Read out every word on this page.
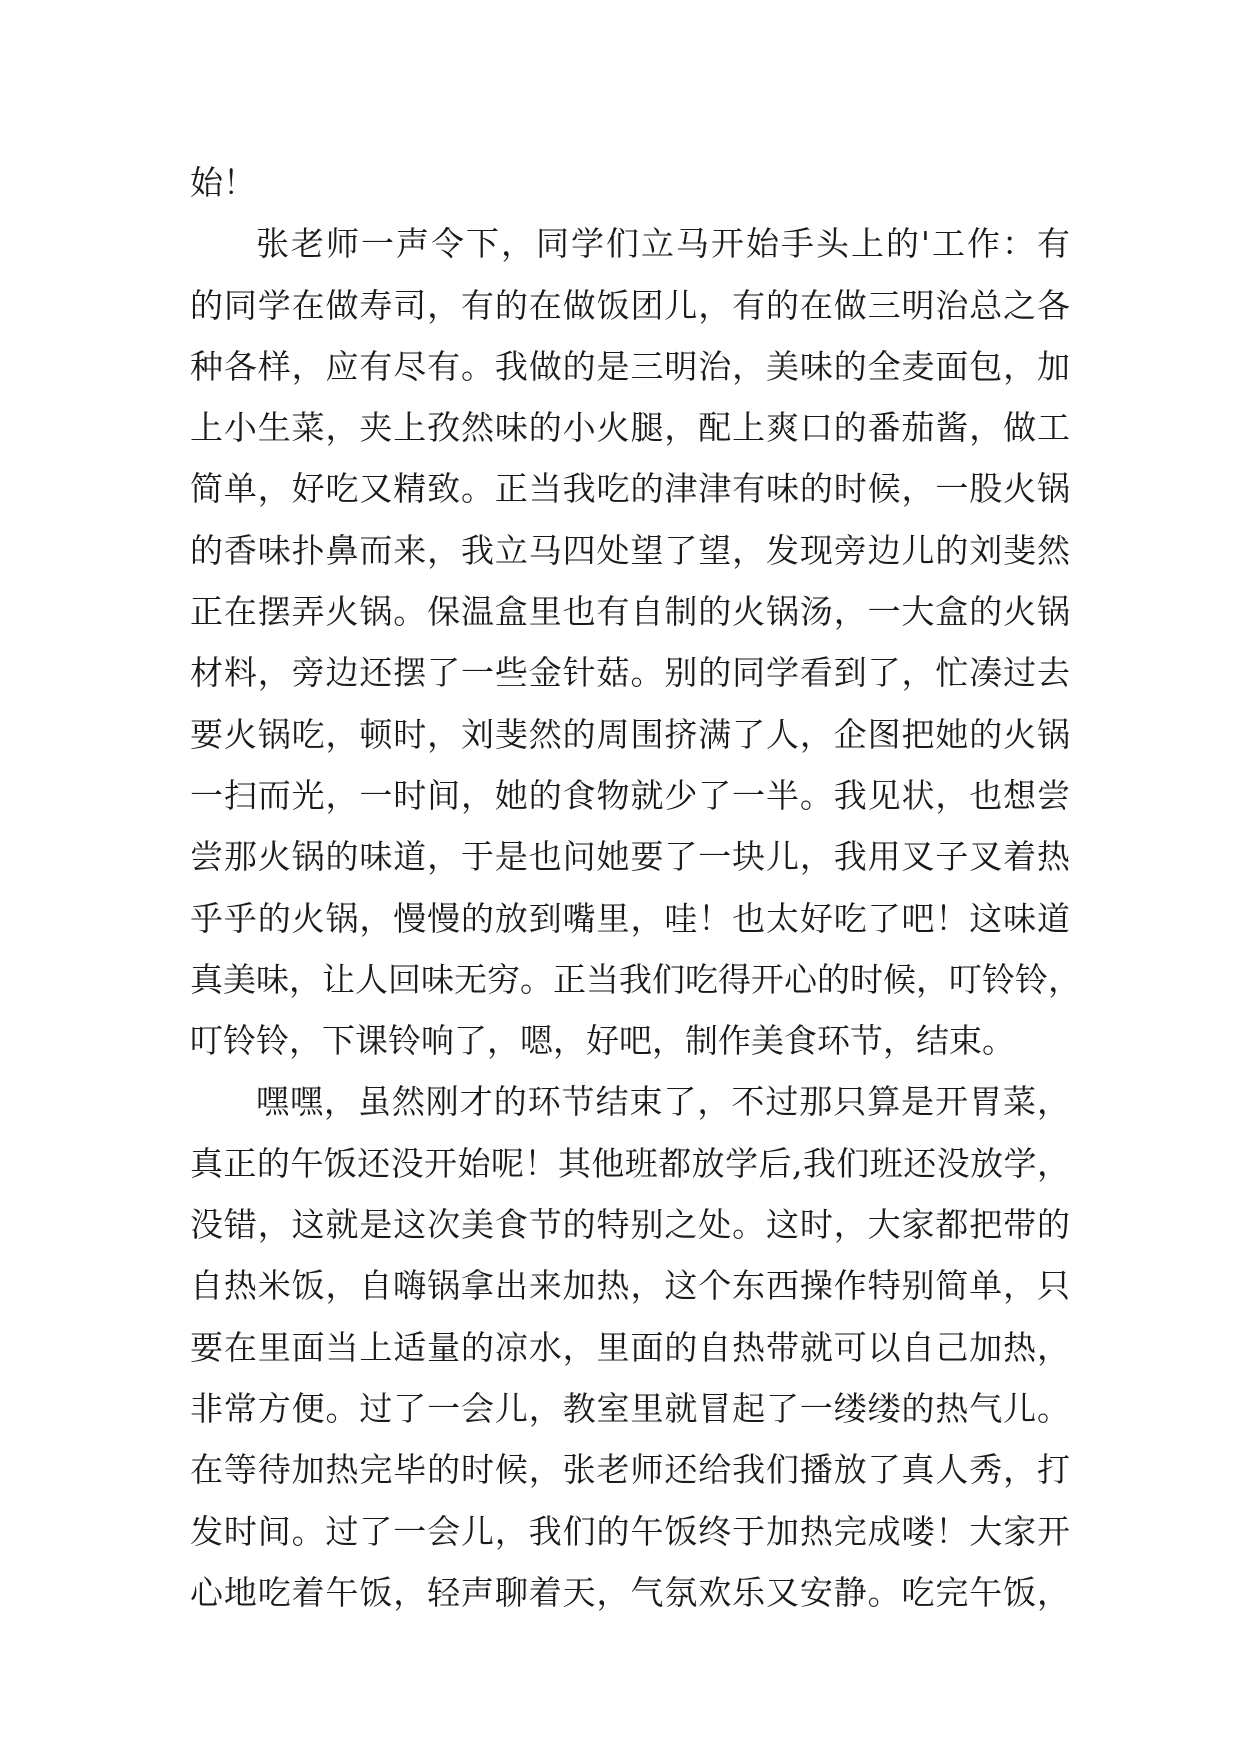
始！
张老师一声令下，同学们立马开始手头上的'工作：有
的同学在做寿司，有的在做饭团儿，有的在做三明治总之各
种各样，应有尽有。我做的是三明治，美味的全麦面包，加
上小生菜，夹上孜然味的小火腿，配上爽口的番茄酱，做工
简单，好吃又精致。正当我吃的津津有味的时候，一股火锅
的香味扑鼻而来，我立马四处望了望，发现旁边儿的刘斐然
正在摆弄火锅。保温盒里也有自制的火锅汤，一大盒的火锅
材料，旁边还摆了一些金针菇。别的同学看到了，忙凑过去
要火锅吃，顿时，刘斐然的周围挤满了人，企图把她的火锅
一扫而光，一时间，她的食物就少了一半。我见状，也想尝
尝那火锅的味道，于是也问她要了一块儿，我用叉子叉着热
乎乎的火锅，慢慢的放到嘴里，哇！也太好吃了吧！这味道
真美味，让人回味无穷。正当我们吃得开心的时候，叮铃铃，
叮铃铃，下课铃响了，嗯，好吧，制作美食环节，结束。
嘿嘿，虽然刚才的环节结束了，不过那只算是开胃菜，
真正的午饭还没开始呢！其他班都放学后,我们班还没放学，
没错，这就是这次美食节的特别之处。这时，大家都把带的
自热米饭，自嗨锅拿出来加热，这个东西操作特别简单，只
要在里面当上适量的凉水，里面的自热带就可以自己加热，
非常方便。过了一会儿，教室里就冒起了一缕缕的热气儿。
在等待加热完毕的时候，张老师还给我们播放了真人秀，打
发时间。过了一会儿，我们的午饭终于加热完成喽！大家开
心地吃着午饭，轻声聊着天，气氛欢乐又安静。吃完午饭，
